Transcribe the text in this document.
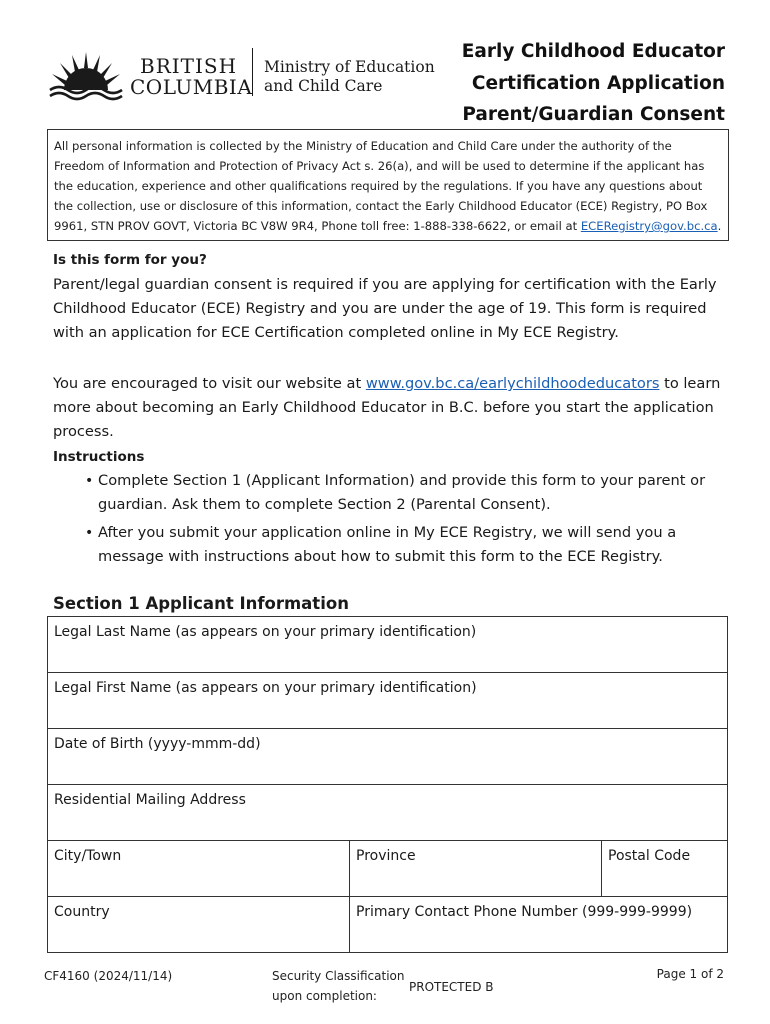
BRITISH
COLUMBIA
Ministry of Education
and Child Care
Early Childhood Educator
Certification Application
Parent/Guardian Consent
All personal information is collected by the Ministry of Education and Child Care under the authority of the Freedom of Information and Protection of Privacy Act s. 26(a), and will be used to determine if the applicant has the education, experience and other qualifications required by the regulations. If you have any questions about the collection, use or disclosure of this information, contact the Early Childhood Educator (ECE) Registry, PO Box 9961, STN PROV GOVT, Victoria BC V8W 9R4, Phone toll free: 1-888-338-6622, or email at ECERegistry@gov.bc.ca.
Is this form for you?
Parent/legal guardian consent is required if you are applying for certification with the Early Childhood Educator (ECE) Registry and you are under the age of 19. This form is required with an application for ECE Certification completed online in My ECE Registry.
You are encouraged to visit our website at www.gov.bc.ca/earlychildhoodeducators to learn more about becoming an Early Childhood Educator in B.C. before you start the application process.
Instructions
• Complete Section 1 (Applicant Information) and provide this form to your parent or guardian. Ask them to complete Section 2 (Parental Consent).
• After you submit your application online in My ECE Registry, we will send you a message with instructions about how to submit this form to the ECE Registry.
Section 1 Applicant Information
Legal Last Name (as appears on your primary identification)		
Legal First Name (as appears on your primary identification)		
Date of Birth (yyyy-mmm-dd)		
Residential Mailing Address		
City/Town	Province	Postal Code
Country	Primary Contact Phone Number (999-999-9999)	
CF4160 (2024/11/14)	Security Classification
upon completion:
PROTECTED B
Page 1 of 2
